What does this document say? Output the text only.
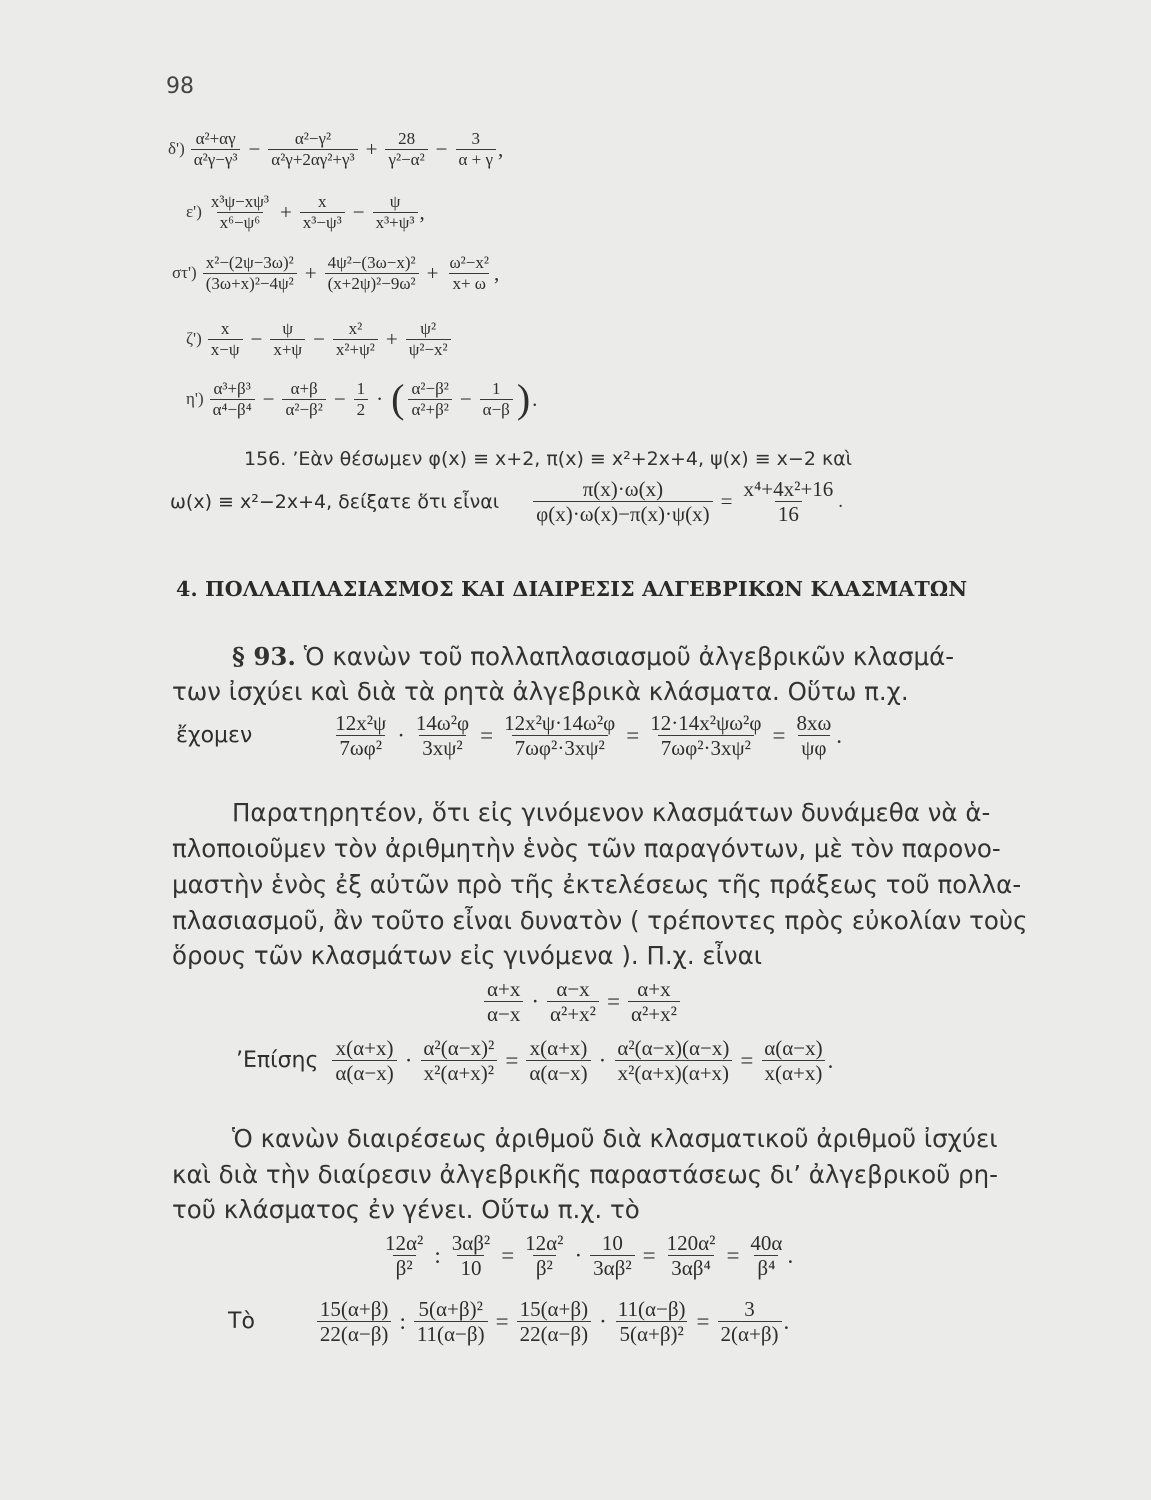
98
$\delta') \frac{\text{α²+αγ}}{\text{α²γ−γ³}} - \frac{\text{α²−γ²}}{\text{α²γ+2αγ²+γ³}} + \frac{28}{\text{γ²−α²}} - \frac{3}{\alpha + \gamma}$ ,
$\varepsilon') \frac{\text{x³ψ−xψ³}}{\text{x⁶−ψ⁶}} + \frac{x}{\text{x³−ψ³}} - \frac{\psi}{\text{x³+ψ³}}$ ,
$\sigma\tau') \frac{\text{x²−(2ψ−3ω)²}}{\text{(3ω+x)²−4ψ²}} + \frac{\text{4ψ²−(3ω−x)²}}{\text{(x+2ψ)²−9ω²}} + \frac{\text{ω²−x²}}{x+ \omega}$ ,
$\zeta') \frac{x}{x-\psi} - \frac{\psi}{x+\psi} - \frac{\text{x²}}{\text{x²+ψ²}} + \frac{\text{ψ²}}{\text{ψ²−x²}}$
$\eta') \frac{\text{α³+β³}}{\text{α⁴−β⁴}} - \frac{\alpha+\beta}{\text{α²−β²}} - \frac{1}{2}$ · ( $\frac{\text{α²−β²}}{\text{α²+β²}} - \frac{1}{\alpha-\beta}$ ) .
156. ’Εὰν θέσωμεν φ(x) ≡ x+2, π(x) ≡ x²+2x+4, ψ(x) ≡ x−2 καὶ
ω(x) ≡ x²−2x+4, δείξατε ὅτι εἶναι $\frac{\pi(x)\cdot\omega(x)}{\varphi(x)\cdot\omega(x)-\pi(x)\cdot\psi(x)} = \frac{\text{x⁴+4x²+16}}{16}$ .
4. ΠΟΛΛΑΠΛΑΣΙΑΣΜΟΣ ΚΑΙ ΔΙΑΙΡΕΣΙΣ ΑΛΓΕΒΡΙΚΩΝ ΚΛΑΣΜΑΤΩΝ
§ 93. Ὁ κανὼν τοῦ πολλαπλασιασμοῦ ἀλγεβρικῶν κλασμά-
των ἰσχύει καὶ διὰ τὰ ρητὰ ἀλγεβρικὰ κλάσματα. Οὕτω π.χ.
ἔχομεν	$\frac{\text{12x²ψ}}{\text{7ωφ²}} \cdot \frac{\text{14ω²φ}}{\text{3xψ²}} = \frac{\text{12x²ψ·14ω²φ}}{\text{7ωφ²·3xψ²}} = \frac{\text{12·14x²ψω²φ}}{\text{7ωφ²·3xψ²}} = \frac{8x\omega}{\psi\varphi}$ .
Παρατηρητέον, ὅτι εἰς γινόμενον κλασμάτων δυνάμεθα νὰ ἁ-
πλοποιοῦμεν τὸν ἀριθμητὴν ἑνὸς τῶν παραγόντων, μὲ τὸν παρονο-
μαστὴν ἑνὸς ἐξ αὐτῶν πρὸ τῆς ἐκτελέσεως τῆς πράξεως τοῦ πολλα-
πλασιασμοῦ, ἂν τοῦτο εἶναι δυνατὸν ( τρέποντες πρὸς εὐκολίαν τοὺς
ὅρους τῶν κλασμάτων εἰς γινόμενα ). Π.χ. εἶναι
$\frac{\alpha+x}{\alpha-x} \cdot \frac{\alpha-x}{\text{α²+x²}} = \frac{\alpha+x}{\text{α²+x²}}$
’Επίσης $\frac{x(\alpha+x)}{\alpha(\alpha-x)} \cdot \frac{\text{α²(α−x)²}}{\text{x²(α+x)²}} = \frac{x(\alpha+x)}{\alpha(\alpha-x)} \cdot \frac{\text{α²(α−x)(α−x)}}{\text{x²(α+x)(α+x)}} = \frac{\alpha(\alpha-x)}{x(\alpha+x)}$ .
Ὁ κανὼν διαιρέσεως ἀριθμοῦ διὰ κλασματικοῦ ἀριθμοῦ ἰσχύει
καὶ διὰ τὴν διαίρεσιν ἀλγεβρικῆς παραστάσεως δι’ ἀλγεβρικοῦ ρη-
τοῦ κλάσματος ἐν γένει. Οὕτω π.χ. τὸ
$\frac{\text{12α²}}{\text{β²}}$ : $\frac{\text{3αβ²}}{10} = \frac{\text{12α²}}{\text{β²}} \cdot \frac{10}{\text{3αβ²}} = \frac{\text{120α²}}{\text{3αβ⁴}} = \frac{40\alpha}{\text{β⁴}}$ .
Τὸ	$\frac{15(\alpha+\beta)}{22(\alpha-\beta)}$ : $\frac{\text{5(α+β)²}}{11(\alpha-\beta)} = \frac{15(\alpha+\beta)}{22(\alpha-\beta)} \cdot \frac{11(\alpha-\beta)}{\text{5(α+β)²}} = \frac{3}{2(\alpha+\beta)}$ .
